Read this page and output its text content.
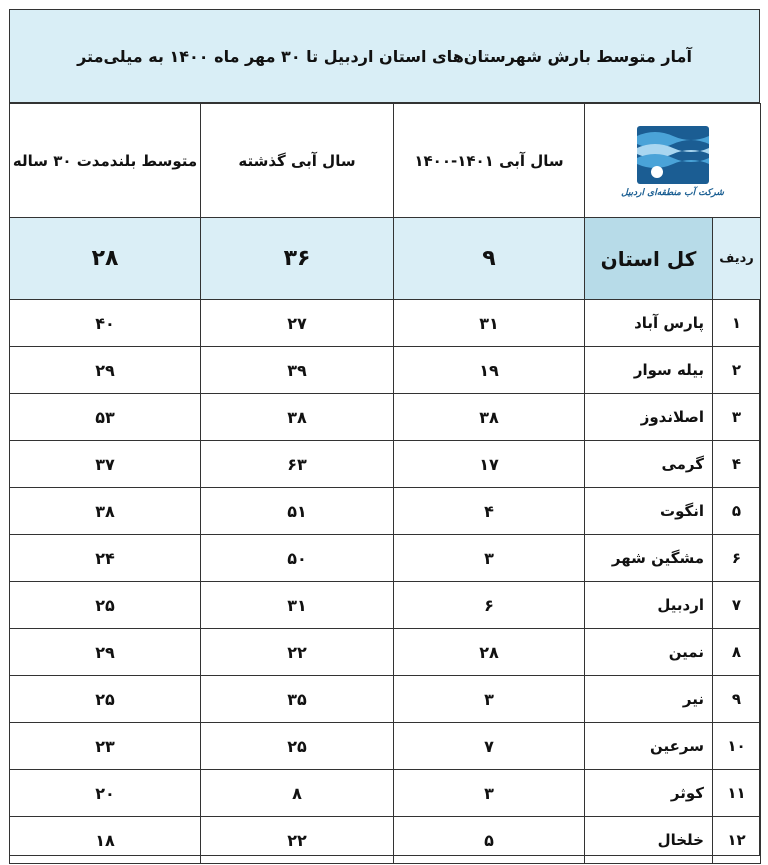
آمار متوسط بارش شهرستان‌های استان اردبیل تا ۳۰ مهر ماه ۱۴۰۰ به میلی‌متر
شرکت آب منطقه‌ای اردبیل		سال آبی ۱۴۰۱-۱۴۰۰	سال آبی گذشته	متوسط بلندمدت ۳۰ ساله
ردیف	کل استان	۹	۳۶	۲۸
۱	پارس آباد	۳۱	۲۷	۴۰
۲	بیله سوار	۱۹	۳۹	۲۹
۳	اصلاندوز	۳۸	۳۸	۵۳
۴	گرمی	۱۷	۶۳	۳۷
۵	انگوت	۴	۵۱	۳۸
۶	مشگین شهر	۳	۵۰	۲۴
۷	اردبیل	۶	۳۱	۲۵
۸	نمین	۲۸	۲۲	۲۹
۹	نیر	۳	۳۵	۲۵
۱۰	سرعین	۷	۲۵	۲۳
۱۱	کوثر	۳	۸	۲۰
۱۲	خلخال	۵	۲۲	۱۸
